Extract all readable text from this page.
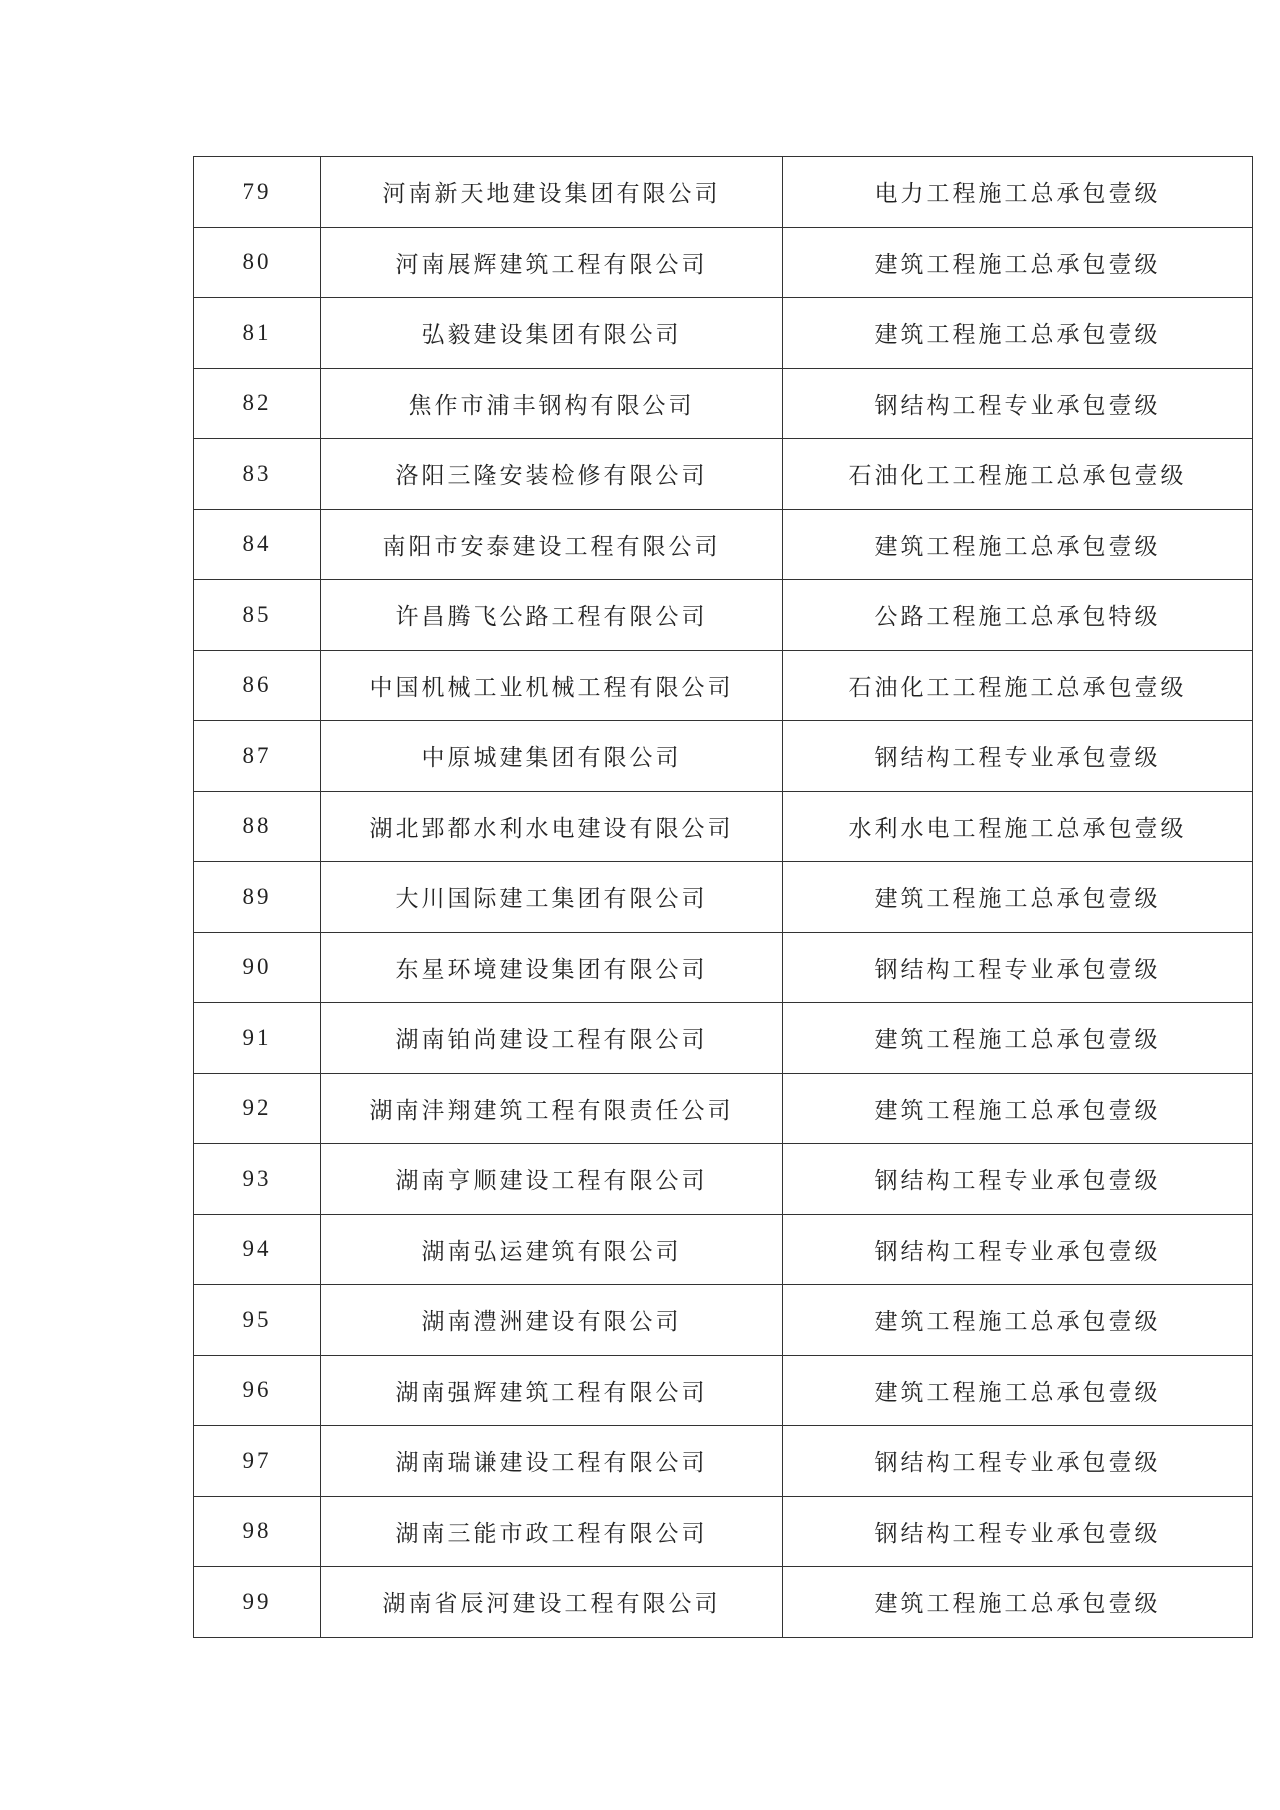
79	河南新天地建设集团有限公司	电力工程施工总承包壹级
80	河南展辉建筑工程有限公司	建筑工程施工总承包壹级
81	弘毅建设集团有限公司	建筑工程施工总承包壹级
82	焦作市浦丰钢构有限公司	钢结构工程专业承包壹级
83	洛阳三隆安装检修有限公司	石油化工工程施工总承包壹级
84	南阳市安泰建设工程有限公司	建筑工程施工总承包壹级
85	许昌腾飞公路工程有限公司	公路工程施工总承包特级
86	中国机械工业机械工程有限公司	石油化工工程施工总承包壹级
87	中原城建集团有限公司	钢结构工程专业承包壹级
88	湖北郢都水利水电建设有限公司	水利水电工程施工总承包壹级
89	大川国际建工集团有限公司	建筑工程施工总承包壹级
90	东星环境建设集团有限公司	钢结构工程专业承包壹级
91	湖南铂尚建设工程有限公司	建筑工程施工总承包壹级
92	湖南沣翔建筑工程有限责任公司	建筑工程施工总承包壹级
93	湖南亨顺建设工程有限公司	钢结构工程专业承包壹级
94	湖南弘运建筑有限公司	钢结构工程专业承包壹级
95	湖南澧洲建设有限公司	建筑工程施工总承包壹级
96	湖南强辉建筑工程有限公司	建筑工程施工总承包壹级
97	湖南瑞谦建设工程有限公司	钢结构工程专业承包壹级
98	湖南三能市政工程有限公司	钢结构工程专业承包壹级
99	湖南省辰河建设工程有限公司	建筑工程施工总承包壹级
